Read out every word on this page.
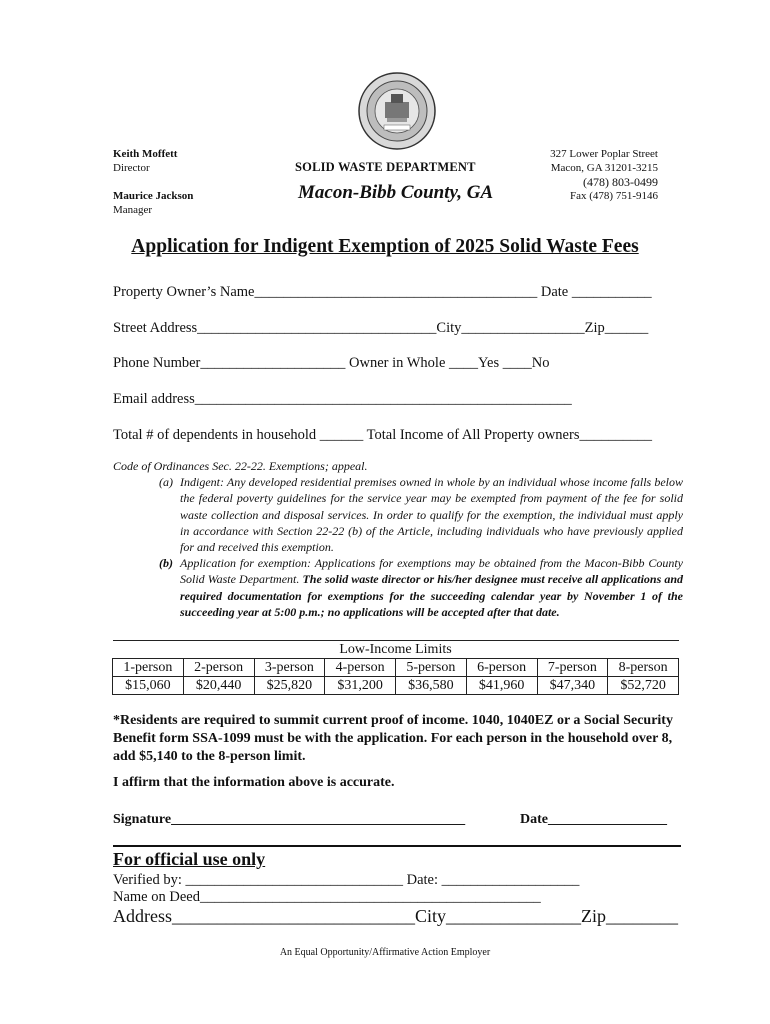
Keith Moffett
Director
Maurice Jackson
Manager
SOLID WASTE DEPARTMENT
Macon-Bibb County, GA
327 Lower Poplar Street
Macon, GA 31201-3215
(478) 803-0499
Fax (478) 751-9146
Application for Indigent Exemption of 2025 Solid Waste Fees
Property Owner’s Name_______________________________________ Date ___________
Street Address_________________________________City_________________Zip______
Phone Number____________________ Owner in Whole ____Yes ____No
Email address____________________________________________________
Total # of dependents in household ______ Total Income of All Property owners__________

Code of Ordinances Sec. 22-22. Exemptions; appeal.

(a) Indigent: Any developed residential premises owned in whole by an individual whose income falls below the federal poverty guidelines for the service year may be exempted from payment of the fee for solid waste collection and disposal services. In order to qualify for the exemption, the individual must apply in accordance with Section 22-22 (b) of the Article, including individuals who have previously applied for and received this exemption.

(b) Application for exemption: Applications for exemptions may be obtained from the Macon-Bibb County Solid Waste Department. The solid waste director or his/her designee must receive all applications and required documentation for exemptions for the succeeding calendar year by November 1 of the succeeding year at 5:00 p.m.; no applications will be accepted after that date.

Low-Income Limits							
1-person	2-person	3-person	4-person	5-person	6-person	7-person	8-person
$15,060	$20,440	$25,820	$31,200	$36,580	$41,960	$47,340	$52,720
*Residents are required to summit current proof of income. 1040, 1040EZ or a Social Security Benefit form SSA-1099 must be with the application. For each person in the household over 8, add $5,140 to the 8-person limit.
I affirm that the information above is accurate.
Signature__________________________________________	Date_________________
For official use only
Verified by: ______________________________ Date: ___________________
Name on Deed_______________________________________________
Address___________________________City_______________Zip________
An Equal Opportunity/Affirmative Action Employer
